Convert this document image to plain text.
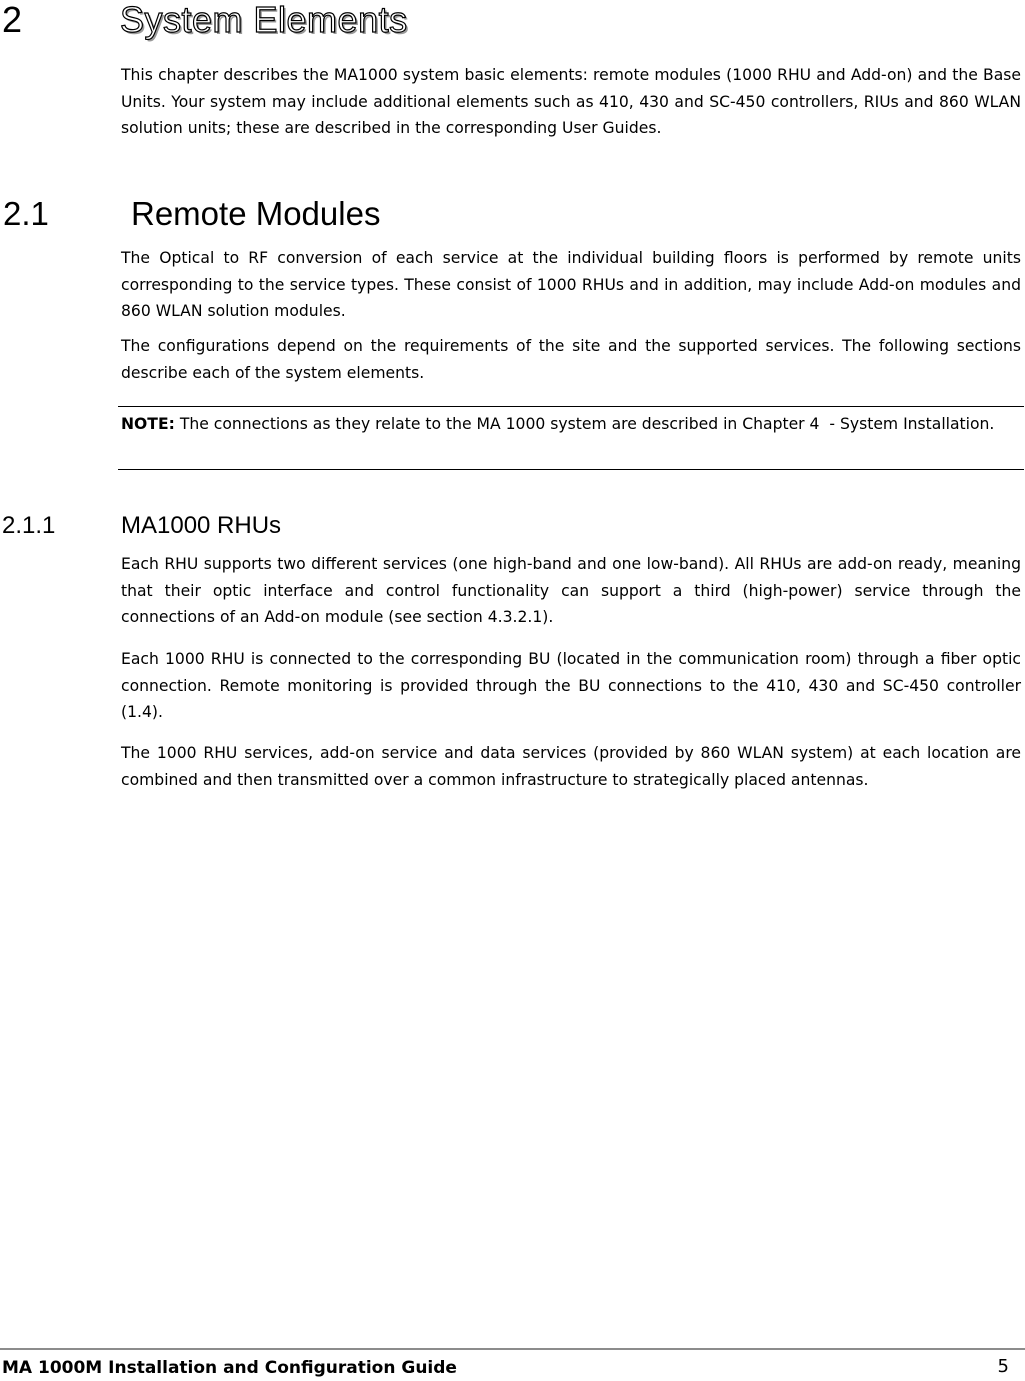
2	System Elements

This chapter describes the MA1000 system basic elements: remote modules (1000 RHU and Add-on) and the Base Units. Your system may include additional elements such as 410, 430 and SC-450 controllers, RIUs and 860 WLAN solution units; these are described in the corresponding User Guides.

2.1 Remote Modules

The Optical to RF conversion of each service at the individual building floors is performed by remote units corresponding to the service types. These consist of 1000 RHUs and in addition, may include Add-on modules and 860 WLAN solution modules.

The configurations depend on the requirements of the site and the supported services. The following sections describe each of the system elements.

NOTE: The connections as they relate to the MA 1000 system are described in Chapter 4  - System Installation.

2.1.1	MA1000 RHUs

Each RHU supports two different services (one high-band and one low-band). All RHUs are add-on ready, meaning that their optic interface and control functionality can support a third (high-power) service through the connections of an Add-on module (see section 4.3.2.1).

Each 1000 RHU is connected to the corresponding BU (located in the communication room) through a fiber optic connection. Remote monitoring is provided through the BU connections to the 410, 430 and SC-450 controller (1.4).

The 1000 RHU services, add-on service and data services (provided by 860 WLAN system) at each location are combined and then transmitted over a common infrastructure to strategically placed antennas.

MA 1000M Installation and Configuration Guide	5
